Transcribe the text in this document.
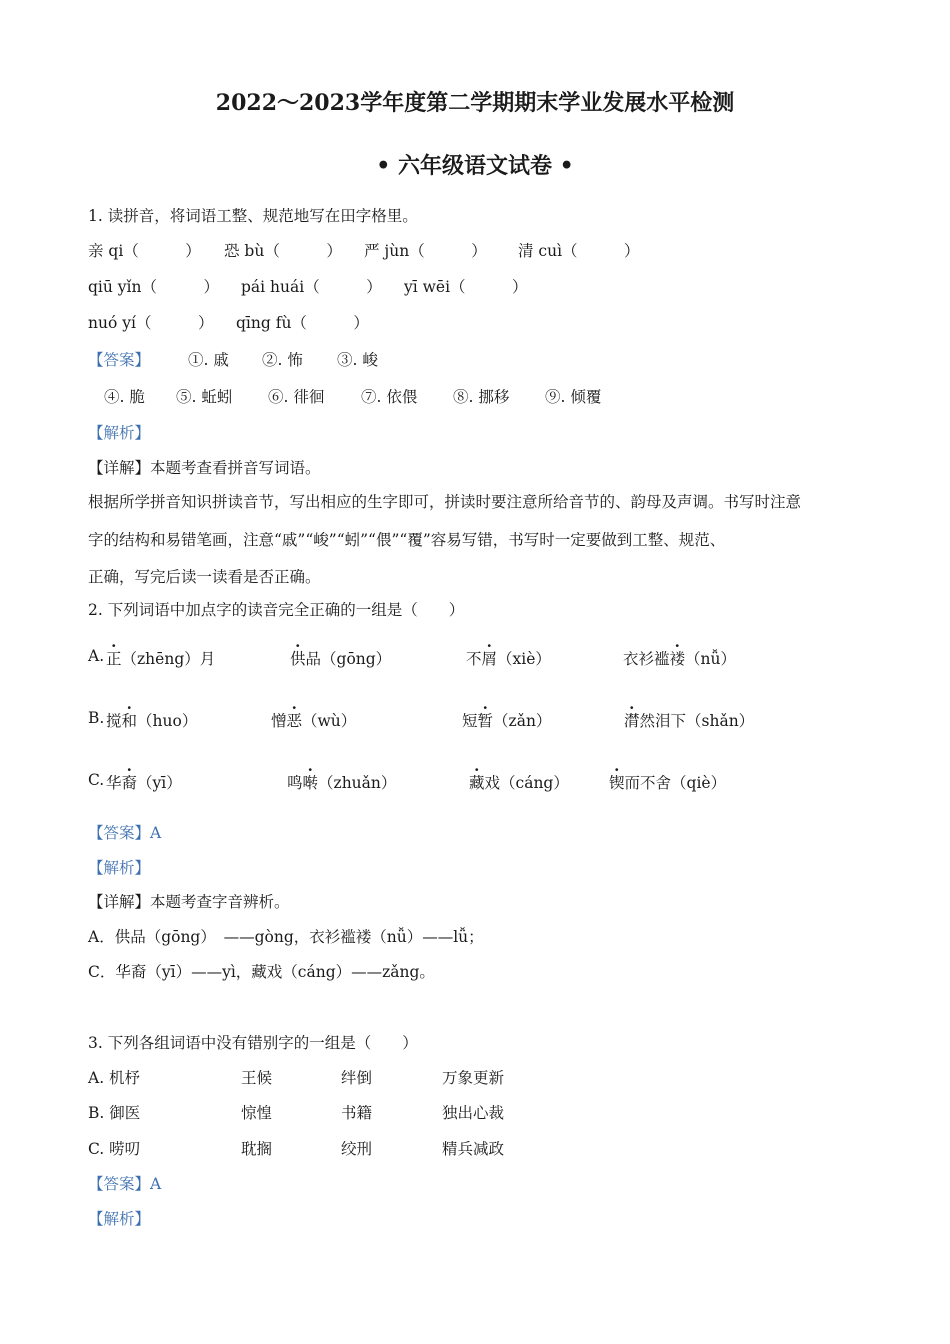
2022～2023学年度第二学期期末学业发展水平检测
• 六年级语文试卷 •
1. 读拼音，将词语工整、规范地写在田字格里。
亲 qi（　　　） 恐 bù（　　　） 严 jùn（　　　） 清 cuì（　　　）
qiū yǐn（　　　） pái huái（　　　） yī wēi（　　　）
nuó yí（　　　） qīng fù（　　　）
【答案】 ①. 戚 ②. 怖 ③. 峻
④. 脆 ⑤. 蚯蚓 ⑥. 徘徊 ⑦. 依偎 ⑧. 挪移 ⑨. 倾覆
【解析】
【详解】本题考查看拼音写词语。
根据所学拼音知识拼读音节，写出相应的生字即可，拼读时要注意所给音节的、韵母及声调。书写时注意
字的结构和易错笔画，注意“戚”“峻”“蚓”“偎”“覆”容易写错，书写时一定要做到工整、规范、
正确，写完后读一读看是否正确。
2. 下列词语中加点字的读音完全正确的一组是（　　）
A. 正（zhēng）月	供品（gōng）	不屑（xiè）	衣衫褴褛（nǚ）
B. 搅和（huo）	憎恶（wù）	短暂（zǎn）	潸然泪下（shǎn）
C. 华裔（yī）	鸣啭（zhuǎn）	藏戏（cáng）	锲而不舍（qiè）
【答案】A
【解析】
【详解】本题考查字音辨析。
A．供品（gōng）　——gòng，衣衫褴褛（nǚ）——lǚ；
C．华裔（yī）——yì，藏戏（cáng）——zǎng。
3. 下列各组词语中没有错别字的一组是（　　）
A. 机杼	王候	绊倒	万象更新
B. 御医	惊惶	书籍	独出心裁
C. 唠叨	耽搁	绞刑	精兵减政
【答案】A
【解析】
